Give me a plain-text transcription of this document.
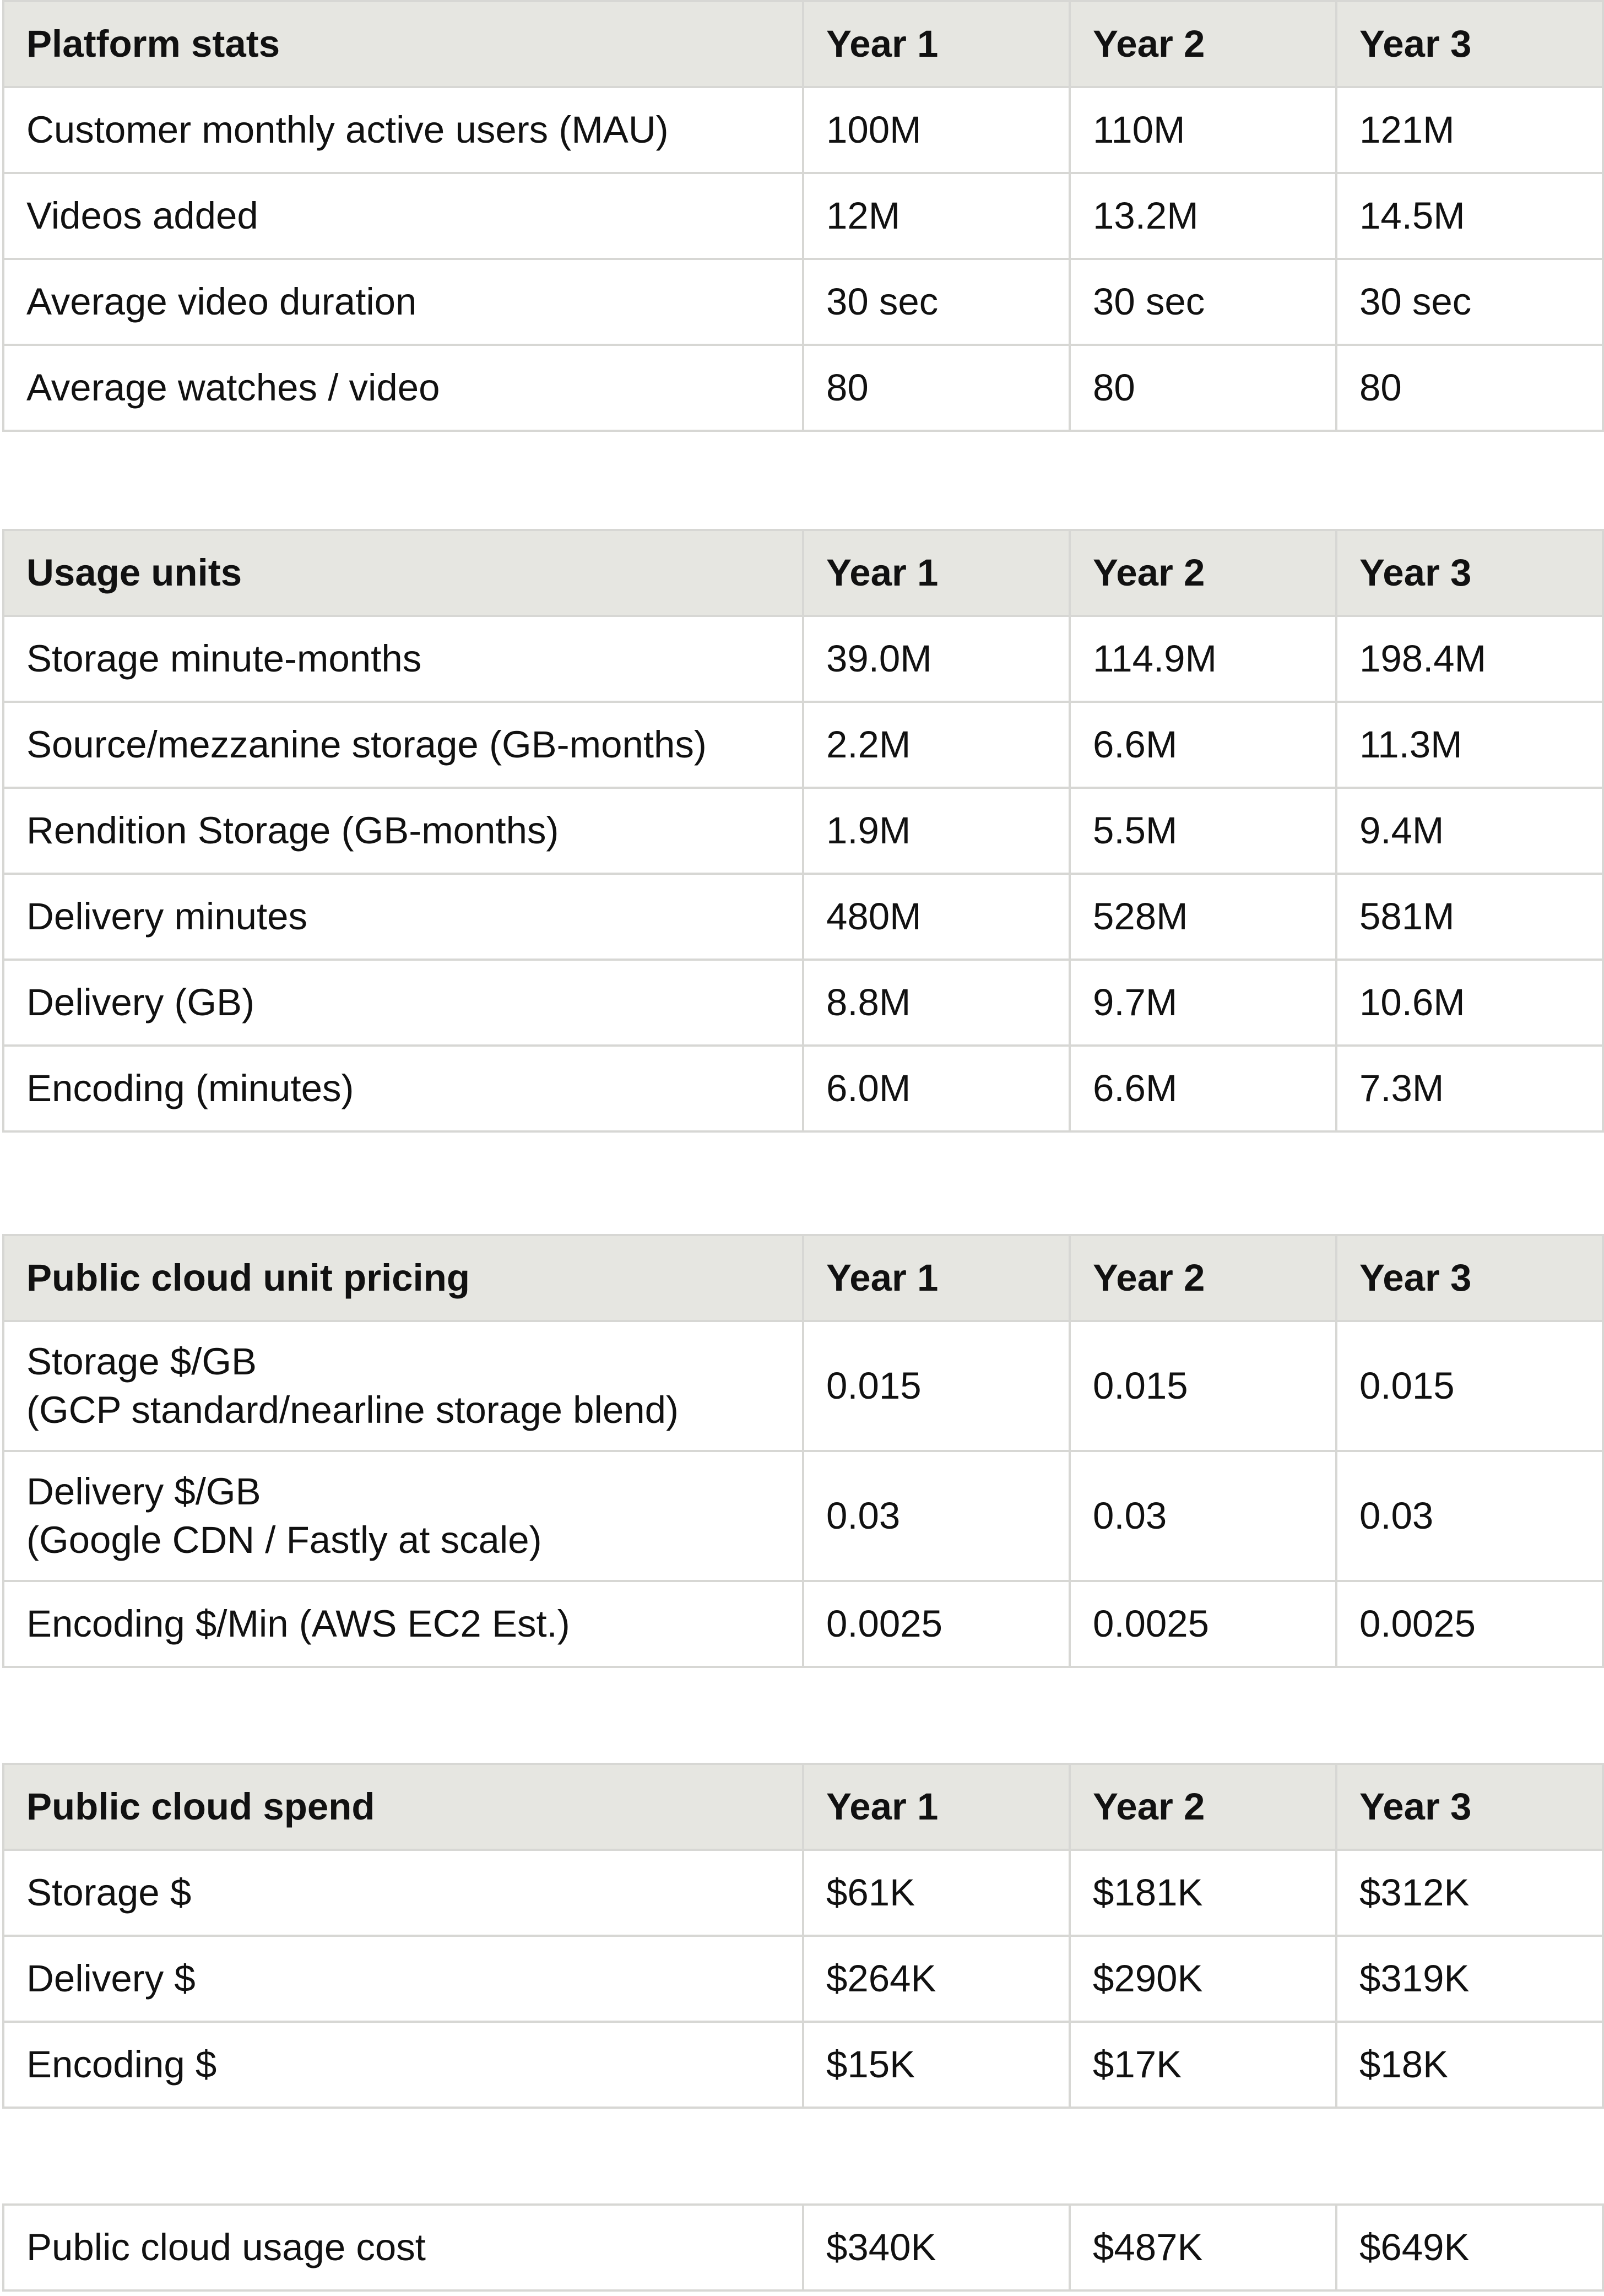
Platform stats	Year 1	Year 2	Year 3
Customer monthly active users (MAU)	100M	110M	121M
Videos added	12M	13.2M	14.5M
Average video duration	30 sec	30 sec	30 sec
Average watches / video	80	80	80
Usage units	Year 1	Year 2	Year 3
Storage minute-months	39.0M	114.9M	198.4M
Source/mezzanine storage (GB-months)	2.2M	6.6M	11.3M
Rendition Storage (GB-months)	1.9M	5.5M	9.4M
Delivery minutes	480M	528M	581M
Delivery (GB)	8.8M	9.7M	10.6M
Encoding (minutes)	6.0M	6.6M	7.3M
Public cloud unit pricing	Year 1	Year 2	Year 3

Storage $/GB
(GCP standard/nearline storage blend)	0.015	0.015	0.015

Delivery $/GB
(Google CDN / Fastly at scale)	0.03	0.03	0.03
Encoding $/Min (AWS EC2 Est.)	0.0025	0.0025	0.0025
Public cloud spend	Year 1	Year 2	Year 3
Storage $	$61K	$181K	$312K
Delivery $	$264K	$290K	$319K
Encoding $	$15K	$17K	$18K
Public cloud usage cost	$340K	$487K	$649K
